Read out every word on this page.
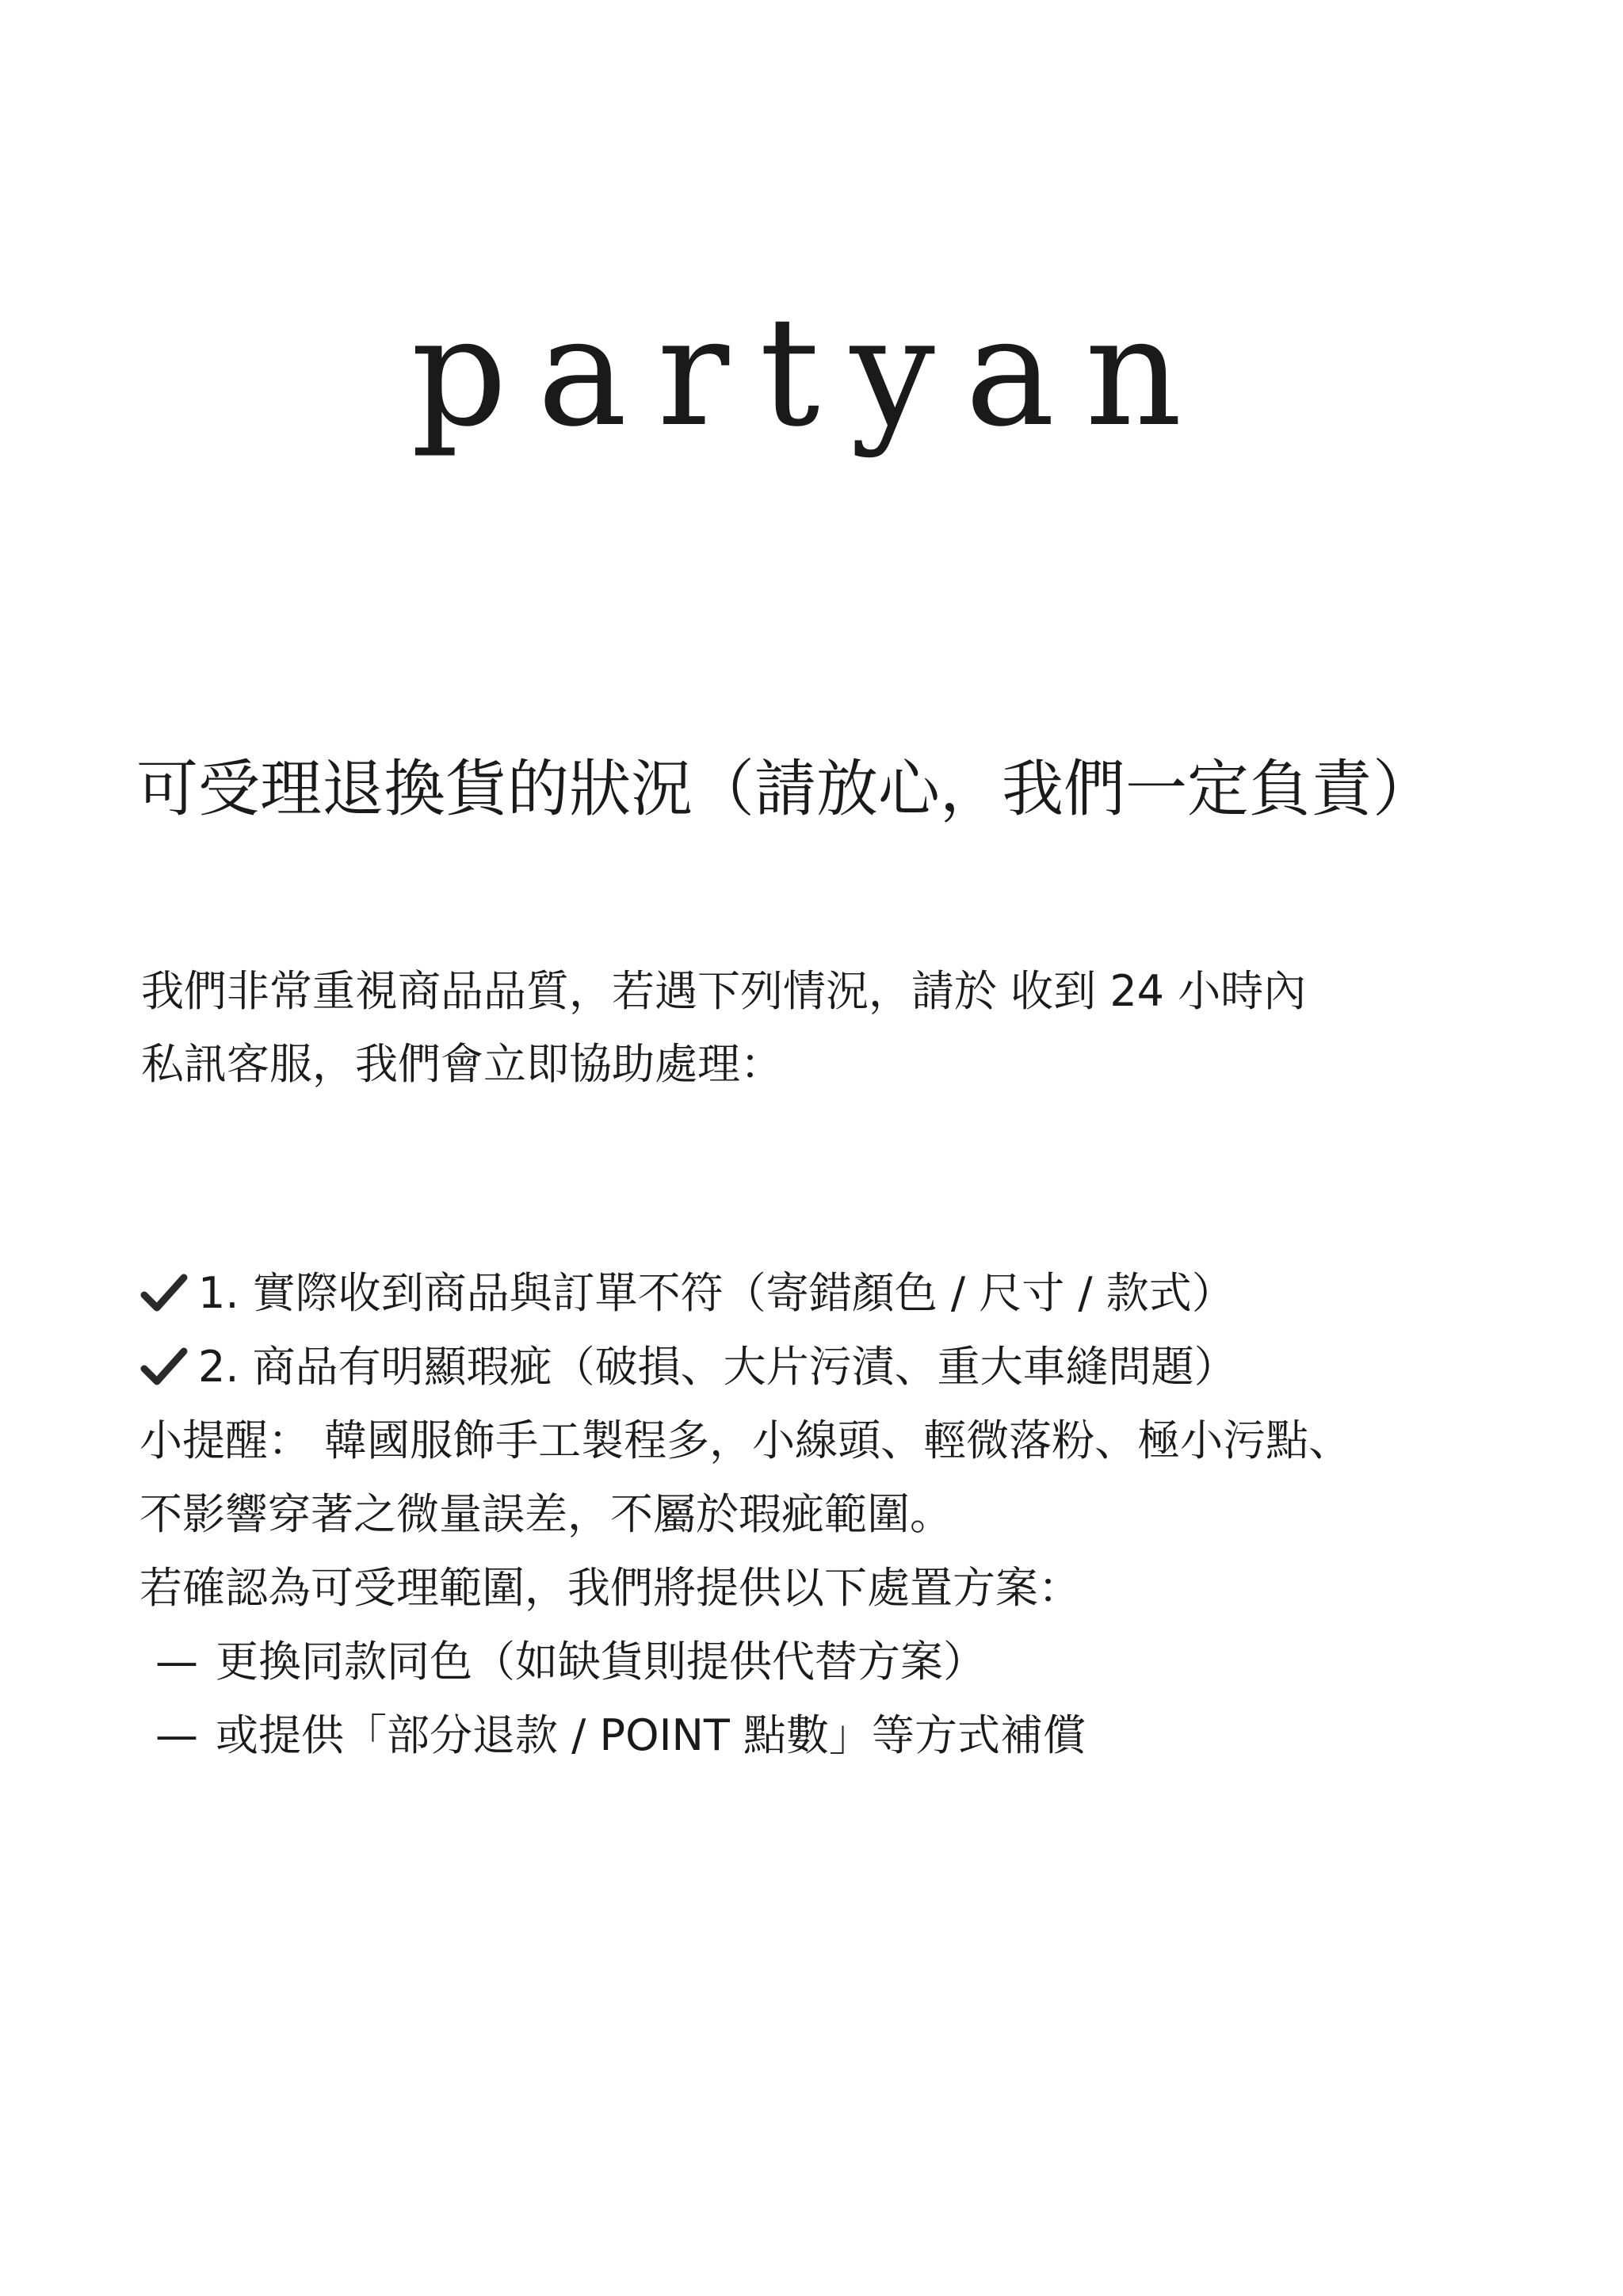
partyan
可受理退換貨的狀況（請放心，我們一定負責）
我們非常重視商品品質，若遇下列情況，請於 收到 24 小時內
私訊客服，我們會立即協助處理：
1. 實際收到商品與訂單不符（寄錯顏色 / 尺寸 / 款式）
2. 商品有明顯瑕疵（破損、大片污漬、重大車縫問題）
小提醒： 韓國服飾手工製程多，小線頭、輕微落粉、極小污點、
不影響穿著之微量誤差，不屬於瑕疵範圍。
若確認為可受理範圍，我們將提供以下處置方案：
— 更換同款同色（如缺貨則提供代替方案）
— 或提供「部分退款 / POINT 點數」等方式補償
